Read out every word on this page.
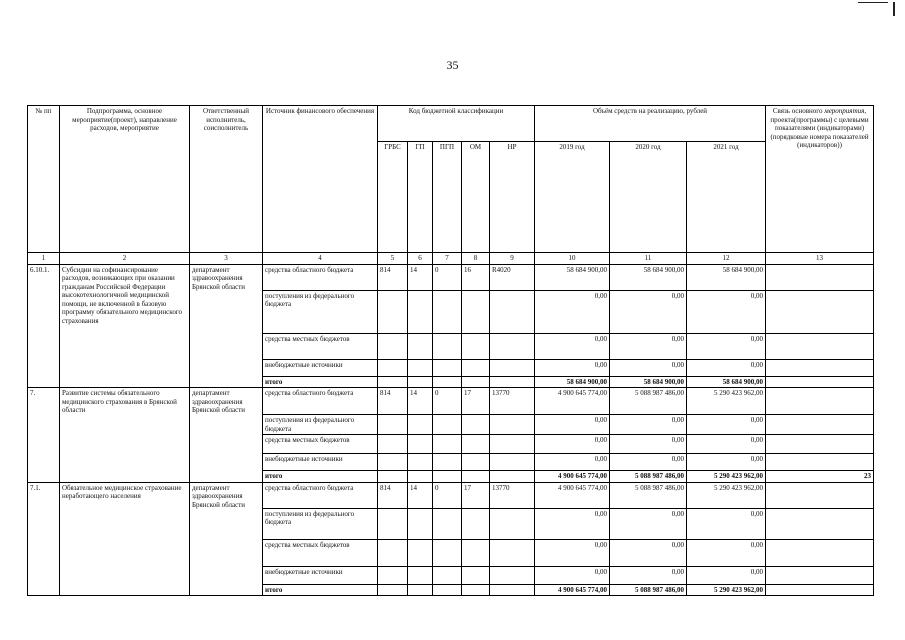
35
№ пп	Подпрограмма, основное мероприятие(проект), направление расходов, мероприятие	Ответственный исполнитель, соисполнитель	Источник финансового обеспечения	Код бюджетной классификации					Объём средств на реализацию, рублей			Связь основного мероприятия, проекта(программы) с целевыми показателями (индикаторами) (порядковые номера показателей (индикаторов))
				ГРБС	ГП	ПГП	ОМ	НР	2019 год	2020 год	2021 год	
1	2	3	4	5	6	7	8	9	10	11	12	13
6.10.1.	Субсидии на софинансирование расходов, возникающих при оказании гражданам Российской Федерации высокотехнологичной медицинской помощи, не включенной в базовую программу обязательного медицинского страхования	департамент здравоохранения Брянской области	средства областного бюджета	814	14	0	16	R4020	58 684 900,00	58 684 900,00	58 684 900,00	
			поступления из федерального бюджета						0,00	0,00	0,00	
			средства местных бюджетов						0,00	0,00	0,00	
			внебюджетные источники						0,00	0,00	0,00	
			итого						58 684 900,00	58 684 900,00	58 684 900,00	
7.	Развитие системы обязательного медицинского страхования в Брянской области	департамент здравоохранения Брянской области	средства областного бюджета	814	14	0	17	13770	4 900 645 774,00	5 088 987 486,00	5 290 423 962,00	
			поступления из федерального бюджета						0,00	0,00	0,00	
			средства местных бюджетов						0,00	0,00	0,00	
			внебюджетные источники						0,00	0,00	0,00	
			итого						4 900 645 774,00	5 088 987 486,00	5 290 423 962,00	23
7.1.	Обязательное медицинское страхование неработающего населения	департамент здравоохранения Брянской области	средства областного бюджета	814	14	0	17	13770	4 900 645 774,00	5 088 987 486,00	5 290 423 962,00	
			поступления из федерального бюджета						0,00	0,00	0,00	
			средства местных бюджетов						0,00	0,00	0,00	
			внебюджетные источники						0,00	0,00	0,00	
			итого						4 900 645 774,00	5 088 987 486,00	5 290 423 962,00	
